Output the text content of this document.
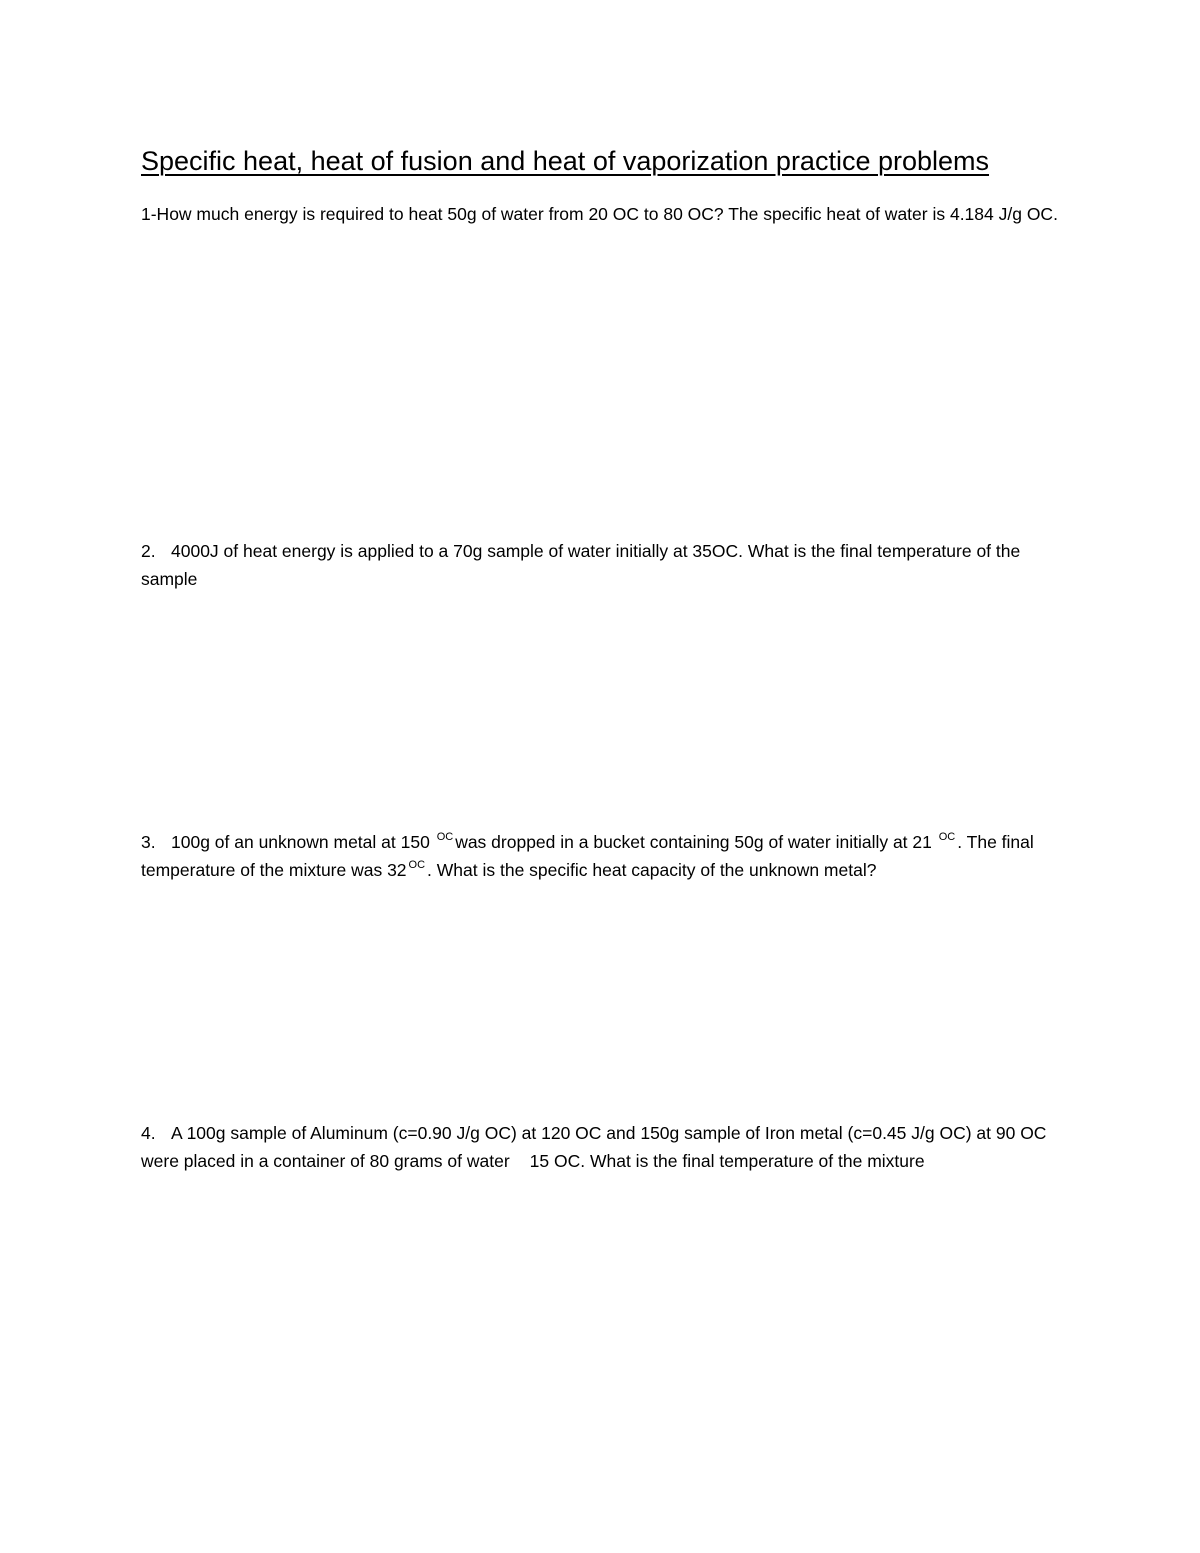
Specific heat, heat of fusion and heat of vaporization practice problems

1-How much energy is required to heat 50g of water from 20 OC to 80 OC? The specific heat of water is 4.184 J/g OC.

2. 4000J of heat energy is applied to a 70g sample of water initially at 35OC. What is the final temperature of the sample

3. 100g of an unknown metal at 150 $^{OC}$ was dropped in a bucket containing 50g of water initially at 21 $^{OC}$ . The final temperature of the mixture was 32 $^{OC}$ . What is the specific heat capacity of the unknown metal?

4. A 100g sample of Aluminum (c=0.90 J/g OC) at 120 OC and 150g sample of Iron metal (c=0.45 J/g OC) at 90 OC were placed in a container of 80 grams of water 15 OC. What is the final temperature of the mixture
